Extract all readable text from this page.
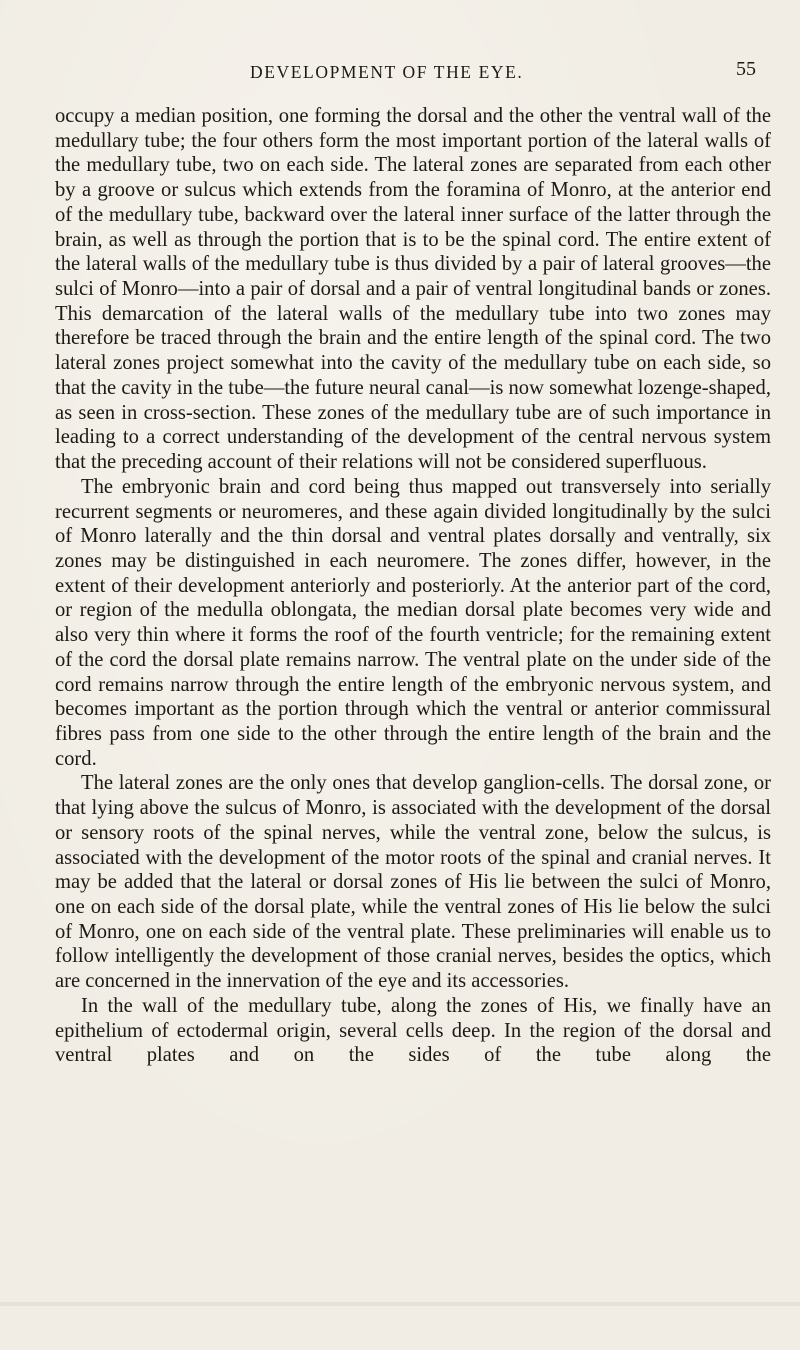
DEVELOPMENT OF THE EYE.	55

occupy a median position, one forming the dorsal and the other the ventral wall of the medullary tube; the four others form the most important portion of the lateral walls of the medullary tube, two on each side. The lateral zones are separated from each other by a groove or sulcus which extends from the foramina of Monro, at the anterior end of the medullary tube, backward over the lateral inner surface of the latter through the brain, as well as through the portion that is to be the spinal cord. The entire extent of the lateral walls of the medullary tube is thus divided by a pair of lateral grooves—the sulci of Monro—into a pair of dorsal and a pair of ventral longitudinal bands or zones. This demarcation of the lateral walls of the medullary tube into two zones may therefore be traced through the brain and the entire length of the spinal cord. The two lateral zones project somewhat into the cavity of the medullary tube on each side, so that the cavity in the tube—the future neural canal—is now somewhat lozenge-shaped, as seen in cross-section. These zones of the medullary tube are of such importance in leading to a correct understanding of the development of the central nervous system that the preceding account of their relations will not be considered superfluous.

The embryonic brain and cord being thus mapped out transversely into serially recurrent segments or neuromeres, and these again divided longitudinally by the sulci of Monro laterally and the thin dorsal and ventral plates dorsally and ventrally, six zones may be distinguished in each neuromere. The zones differ, however, in the extent of their development anteriorly and posteriorly. At the anterior part of the cord, or region of the medulla oblongata, the median dorsal plate becomes very wide and also very thin where it forms the roof of the fourth ventricle; for the remaining extent of the cord the dorsal plate remains narrow. The ventral plate on the under side of the cord remains narrow through the entire length of the embryonic nervous system, and becomes important as the portion through which the ventral or anterior commissural fibres pass from one side to the other through the entire length of the brain and the cord.

The lateral zones are the only ones that develop ganglion-cells. The dorsal zone, or that lying above the sulcus of Monro, is associated with the development of the dorsal or sensory roots of the spinal nerves, while the ventral zone, below the sulcus, is associated with the development of the motor roots of the spinal and cranial nerves. It may be added that the lateral or dorsal zones of His lie between the sulci of Monro, one on each side of the dorsal plate, while the ventral zones of His lie below the sulci of Monro, one on each side of the ventral plate. These preliminaries will enable us to follow intelligently the development of those cranial nerves, besides the optics, which are concerned in the innervation of the eye and its accessories.

In the wall of the medullary tube, along the zones of His, we finally have an epithelium of ectodermal origin, several cells deep. In the region of the dorsal and ventral plates and on the sides of the tube along the
